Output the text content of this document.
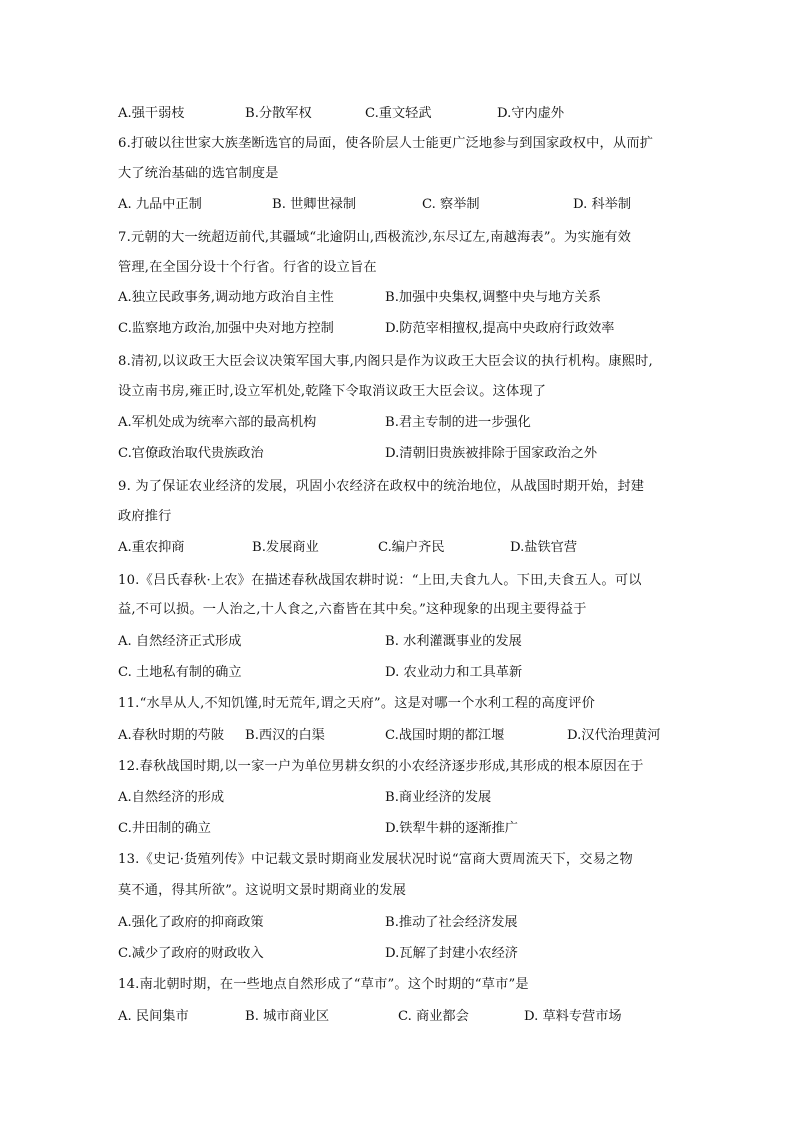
A.强干弱枝	B.分散军权	C.重文轻武	D.守内虚外
6.打破以往世家大族垄断选官的局面，使各阶层人士能更广泛地参与到国家政权中，从而扩
大了统治基础的选官制度是
A. 九品中正制	B. 世卿世禄制	C. 察举制	D. 科举制
7.元朝的大一统超迈前代,其疆域“北逾阴山,西极流沙,东尽辽左,南越海表”。为实施有效
管理,在全国分设十个行省。行省的设立旨在
A.独立民政事务,调动地方政治自主性	B.加强中央集权,调整中央与地方关系
C.监察地方政治,加强中央对地方控制	D.防范宰相擅权,提高中央政府行政效率
8.清初,以议政王大臣会议决策军国大事,内阁只是作为议政王大臣会议的执行机构。康熙时,
设立南书房,雍正时,设立军机处,乾隆下令取消议政王大臣会议。这体现了
A.军机处成为统率六部的最高机构	B.君主专制的进一步强化
C.官僚政治取代贵族政治	D.清朝旧贵族被排除于国家政治之外
9. 为了保证农业经济的发展，巩固小农经济在政权中的统治地位，从战国时期开始，封建
政府推行
A.重农抑商	B.发展商业	C.编户齐民	D.盐铁官营
10.《吕氏春秋·上农》在描述春秋战国农耕时说：“上田,夫食九人。下田,夫食五人。可以
益,不可以损。一人治之,十人食之,六畜皆在其中矣。”这种现象的出现主要得益于
A. 自然经济正式形成	B. 水利灌溉事业的发展
C. 土地私有制的确立	D. 农业动力和工具革新
11.“水旱从人,不知饥馑,时无荒年,谓之天府”。这是对哪一个水利工程的高度评价
A.春秋时期的芍陂 B.西汉的白渠	C.战国时期的都江堰	D.汉代治理黄河
12.春秋战国时期,以一家一户为单位男耕女织的小农经济逐步形成,其形成的根本原因在于
A.自然经济的形成	B.商业经济的发展
C.井田制的确立	D.铁犁牛耕的逐渐推广
13.《史记·货殖列传》中记载文景时期商业发展状况时说“富商大贾周流天下，交易之物
莫不通，得其所欲”。这说明文景时期商业的发展
A.强化了政府的抑商政策	B.推动了社会经济发展
C.减少了政府的财政收入	D.瓦解了封建小农经济
14.南北朝时期，在一些地点自然形成了“草市”。这个时期的“草市”是
A. 民间集市	B. 城市商业区	C. 商业都会	D. 草料专营市场
